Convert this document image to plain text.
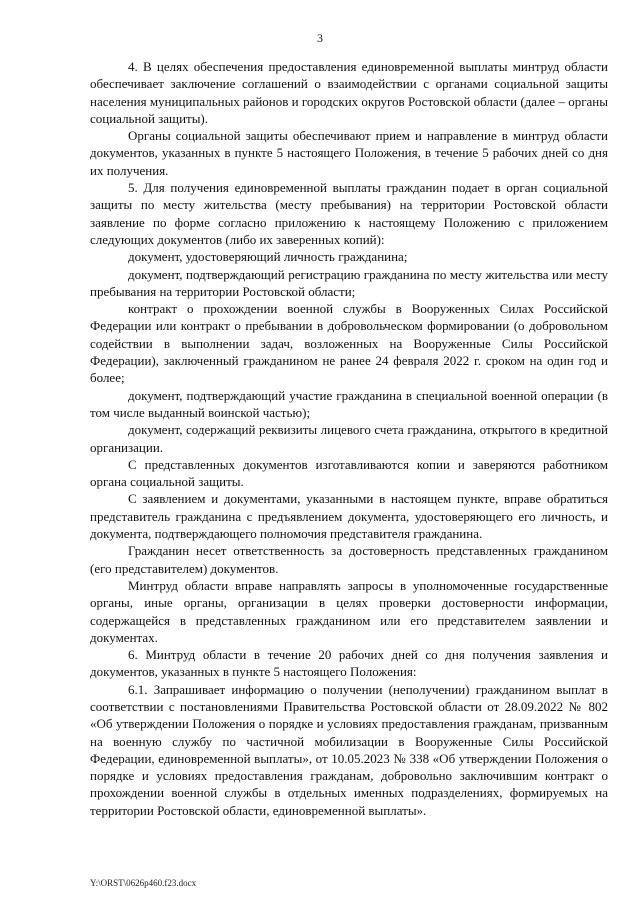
3

4. В целях обеспечения предоставления единовременной выплаты минтруд области обеспечивает заключение соглашений о взаимодействии с органами социальной защиты населения муниципальных районов и городских округов Ростовской области (далее – органы социальной защиты).

Органы социальной защиты обеспечивают прием и направление в минтруд области документов, указанных в пункте 5 настоящего Положения, в течение 5 рабочих дней со дня их получения.

5. Для получения единовременной выплаты гражданин подает в орган социальной защиты по месту жительства (месту пребывания) на территории Ростовской области заявление по форме согласно приложению к настоящему Положению с приложением следующих документов (либо их заверенных копий):

документ, удостоверяющий личность гражданина;

документ, подтверждающий регистрацию гражданина по месту жительства или месту пребывания на территории Ростовской области;

контракт о прохождении военной службы в Вооруженных Силах Российской Федерации или контракт о пребывании в добровольческом формировании (о добровольном содействии в выполнении задач, возложенных на Вооруженные Силы Российской Федерации), заключенный гражданином не ранее 24 февраля 2022 г. сроком на один год и более;

документ, подтверждающий участие гражданина в специальной военной операции (в том числе выданный воинской частью);

документ, содержащий реквизиты лицевого счета гражданина, открытого в кредитной организации.

С представленных документов изготавливаются копии и заверяются работником органа социальной защиты.

С заявлением и документами, указанными в настоящем пункте, вправе обратиться представитель гражданина с предъявлением документа, удостоверяющего его личность, и документа, подтверждающего полномочия представителя гражданина.

Гражданин несет ответственность за достоверность представленных гражданином (его представителем) документов.

Минтруд области вправе направлять запросы в уполномоченные государственные органы, иные органы, организации в целях проверки достоверности информации, содержащейся в представленных гражданином или его представителем заявлении и документах.

6. Минтруд области в течение 20 рабочих дней со дня получения заявления и документов, указанных в пункте 5 настоящего Положения:

6.1. Запрашивает информацию о получении (неполучении) гражданином выплат в соответствии с постановлениями Правительства Ростовской области от 28.09.2022 № 802 «Об утверждении Положения о порядке и условиях предоставления гражданам, призванным на военную службу по частичной мобилизации в Вооруженные Силы Российской Федерации, единовременной выплаты», от 10.05.2023 № 338 «Об утверждении Положения о порядке и условиях предоставления гражданам, добровольно заключившим контракт о прохождении военной службы в отдельных именных подразделениях, формируемых на территории Ростовской области, единовременной выплаты».

Y:\ORST\0626p460.f23.docx
